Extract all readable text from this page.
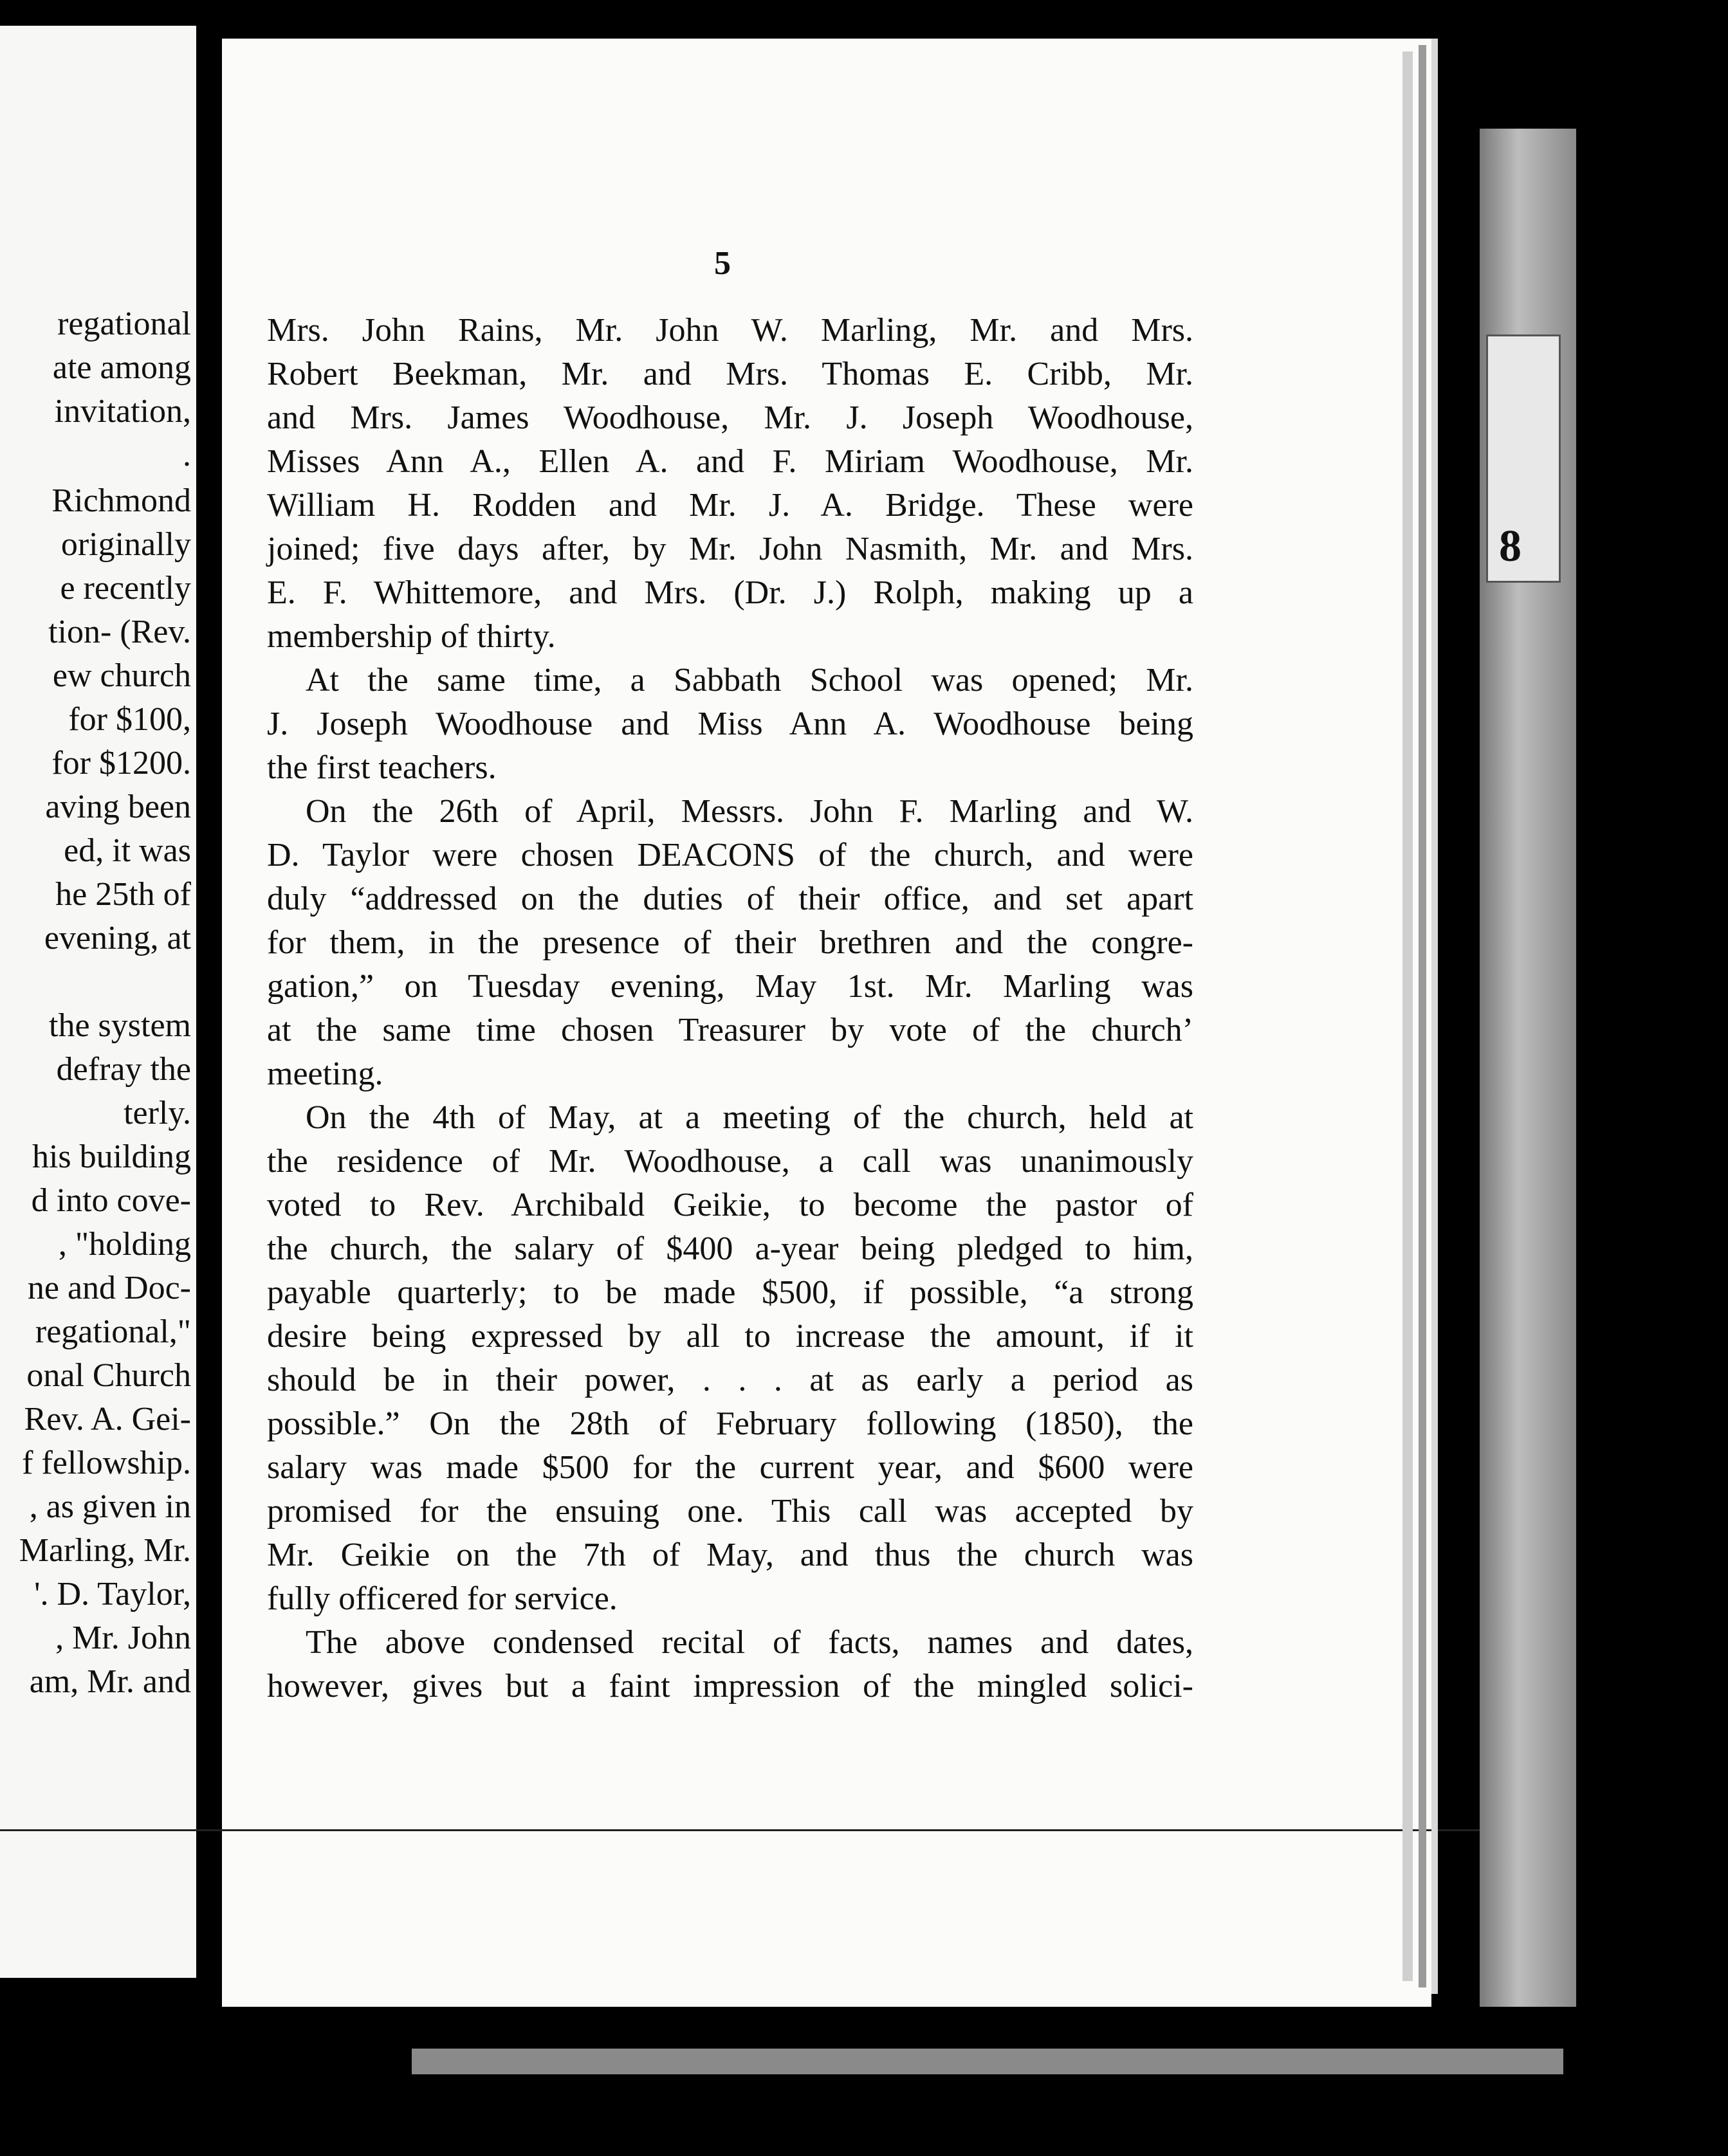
regational
ate among
invitation,
.
Richmond
originally
e recently
tion- (Rev.
ew church
for $100,
for $1200.
aving been
ed, it was
he 25th of
evening, at
the system
defray the
terly.
his building
d into cove-
, "holding
ne and Doc-
regational,"
onal Church
Rev. A. Gei-
f fellowship.
, as given in
Marling, Mr.
'. D. Taylor,
, Mr. John
am, Mr. and
5

Mrs. John Rains, Mr. John W. Marling, Mr. and Mrs.

Robert Beekman, Mr. and Mrs. Thomas E. Cribb, Mr.

and Mrs. James Woodhouse, Mr. J. Joseph Woodhouse,

Misses Ann A., Ellen A. and F. Miriam Woodhouse, Mr.

William H. Rodden and Mr. J. A. Bridge. These were

joined; five days after, by Mr. John Nasmith, Mr. and Mrs.

E. F. Whittemore, and Mrs. (Dr. J.) Rolph, making up a

membership of thirty.

At the same time, a Sabbath School was opened; Mr.

J. Joseph Woodhouse and Miss Ann A. Woodhouse being

the first teachers.

On the 26th of April, Messrs. John F. Marling and W.

D. Taylor were chosen DEACONS of the church, and were

duly “addressed on the duties of their office, and set apart

for them, in the presence of their brethren and the congre-

gation,” on Tuesday evening, May 1st. Mr. Marling was

at the same time chosen Treasurer by vote of the church’

meeting.

On the 4th of May, at a meeting of the church, held at

the residence of Mr. Woodhouse, a call was unanimously

voted to Rev. Archibald Geikie, to become the pastor of

the church, the salary of $400 a-year being pledged to him,

payable quarterly; to be made $500, if possible, “a strong

desire being expressed by all to increase the amount, if it

should be in their power, . . . at as early a period as

possible.” On the 28th of February following (1850), the

salary was made $500 for the current year, and $600 were

promised for the ensuing one. This call was accepted by

Mr. Geikie on the 7th of May, and thus the church was

fully officered for service.

The above condensed recital of facts, names and dates,

however, gives but a faint impression of the mingled solici-

8
